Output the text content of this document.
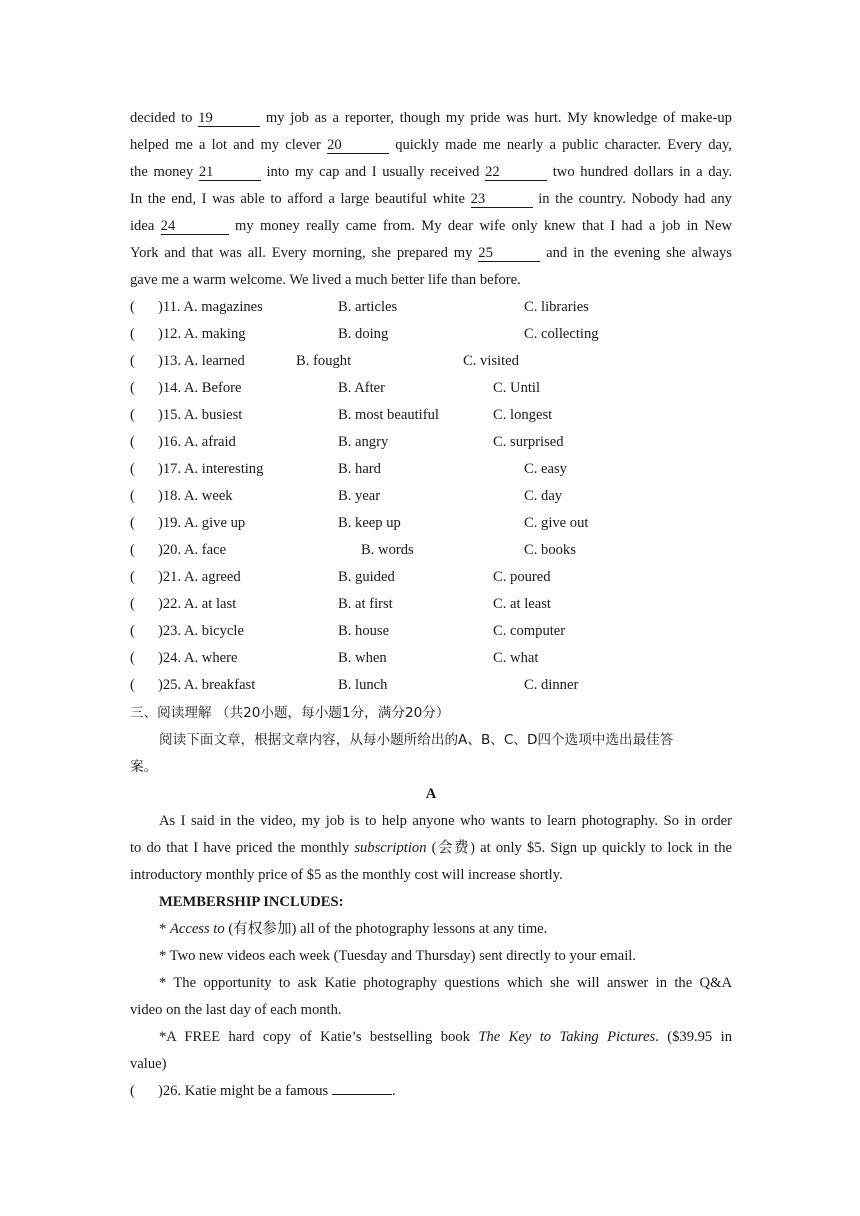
decided to 19	my job as a reporter, though my pride was hurt. My knowledge of make-up
helped me a lot and my clever 20	quickly made me nearly a public character. Every day,
the money 21	into my cap and I usually received 22	two hundred dollars in a day.
In the end, I was able to afford a large beautiful white 23	in the country. Nobody had any
idea 24	my money really came from. My dear wife only knew that I had a job in New
York and that was all. Every morning, she prepared my 25	and in the evening she always
gave me a warm welcome. We lived a much better life than before.
( )11. A. magazines	B. articles	C. libraries
( )12. A. making	B. doing	C. collecting
( )13. A. learned	B. fought	C. visited
( )14. A. Before	B. After	C. Until
( )15. A. busiest	B. most beautiful	C. longest
( )16. A. afraid	B. angry	C. surprised
( )17. A. interesting	B. hard	C. easy
( )18. A. week	B. year	C. day
( )19. A. give up	B. keep up	C. give out
( )20. A. face	B. words	C. books
( )21. A. agreed	B. guided	C. poured
( )22. A. at last	B. at first	C. at least
( )23. A. bicycle	B. house	C. computer
( )24. A. where	B. when	C. what
( )25. A. breakfast	B. lunch	C. dinner
三、阅读理解 （共20小题，每小题1分，满分20分）
阅读下面文章，根据文章内容，从每小题所给出的A、B、C、D四个选项中选出最佳答
案。
A
As I said in the video, my job is to help anyone who wants to learn photography. So in order
to do that I have priced the monthly subscription (会费) at only $5. Sign up quickly to lock in the
introductory monthly price of $5 as the monthly cost will increase shortly.
MEMBERSHIP INCLUDES:
* Access to (有权参加) all of the photography lessons at any time.
* Two new videos each week (Tuesday and Thursday) sent directly to your email.
* The opportunity to ask Katie photography questions which she will answer in the Q&A
video on the last day of each month.
*A FREE hard copy of Katie’s bestselling book The Key to Taking Pictures. ($39.95 in
value)
( )26. Katie might be a famous	.
